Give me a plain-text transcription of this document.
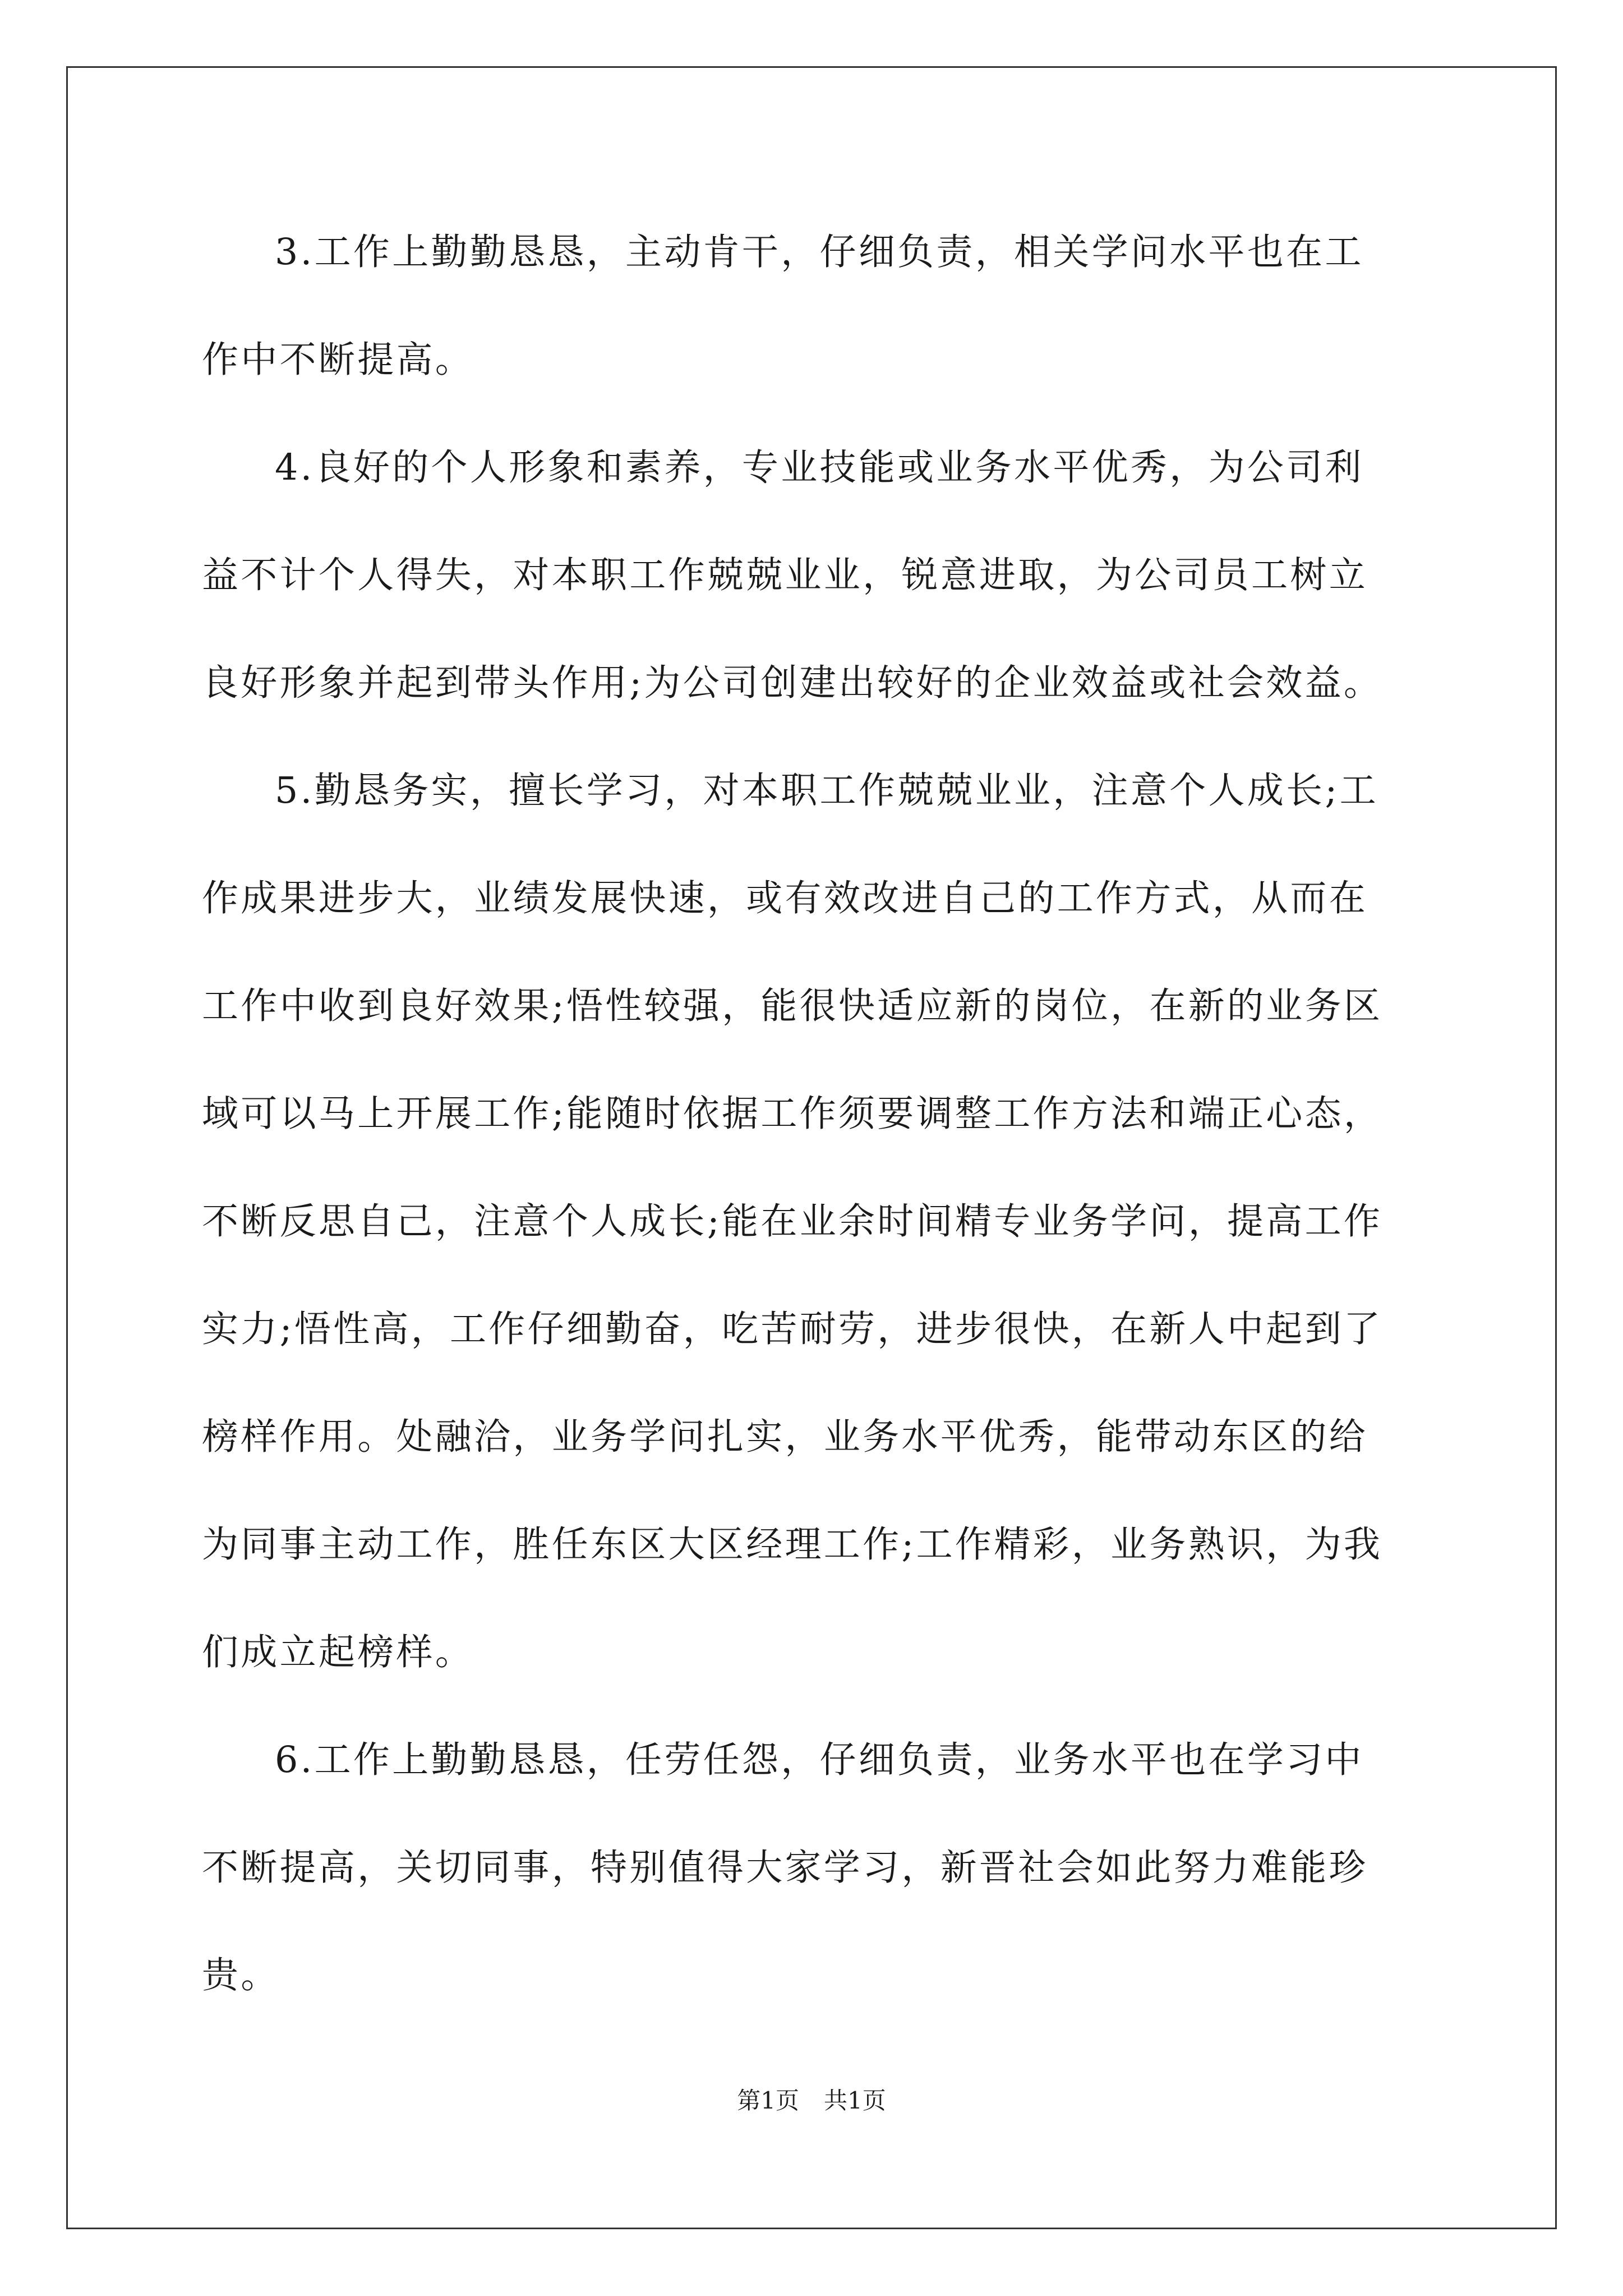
3.工作上勤勤恳恳，主动肯干，仔细负责，相关学问水平也在工
作中不断提高。
4.良好的个人形象和素养，专业技能或业务水平优秀，为公司利
益不计个人得失，对本职工作兢兢业业，锐意进取，为公司员工树立
良好形象并起到带头作用;为公司创建出较好的企业效益或社会效益。
5.勤恳务实，擅长学习，对本职工作兢兢业业，注意个人成长;工
作成果进步大，业绩发展快速，或有效改进自己的工作方式，从而在
工作中收到良好效果;悟性较强，能很快适应新的岗位，在新的业务区
域可以马上开展工作;能随时依据工作须要调整工作方法和端正心态，
不断反思自己，注意个人成长;能在业余时间精专业务学问，提高工作
实力;悟性高，工作仔细勤奋，吃苦耐劳，进步很快，在新人中起到了
榜样作用。处融洽，业务学问扎实，业务水平优秀，能带动东区的给
为同事主动工作，胜任东区大区经理工作;工作精彩，业务熟识，为我
们成立起榜样。
6.工作上勤勤恳恳，任劳任怨，仔细负责，业务水平也在学习中
不断提高，关切同事，特别值得大家学习，新晋社会如此努力难能珍
贵。
第1页 共1页
